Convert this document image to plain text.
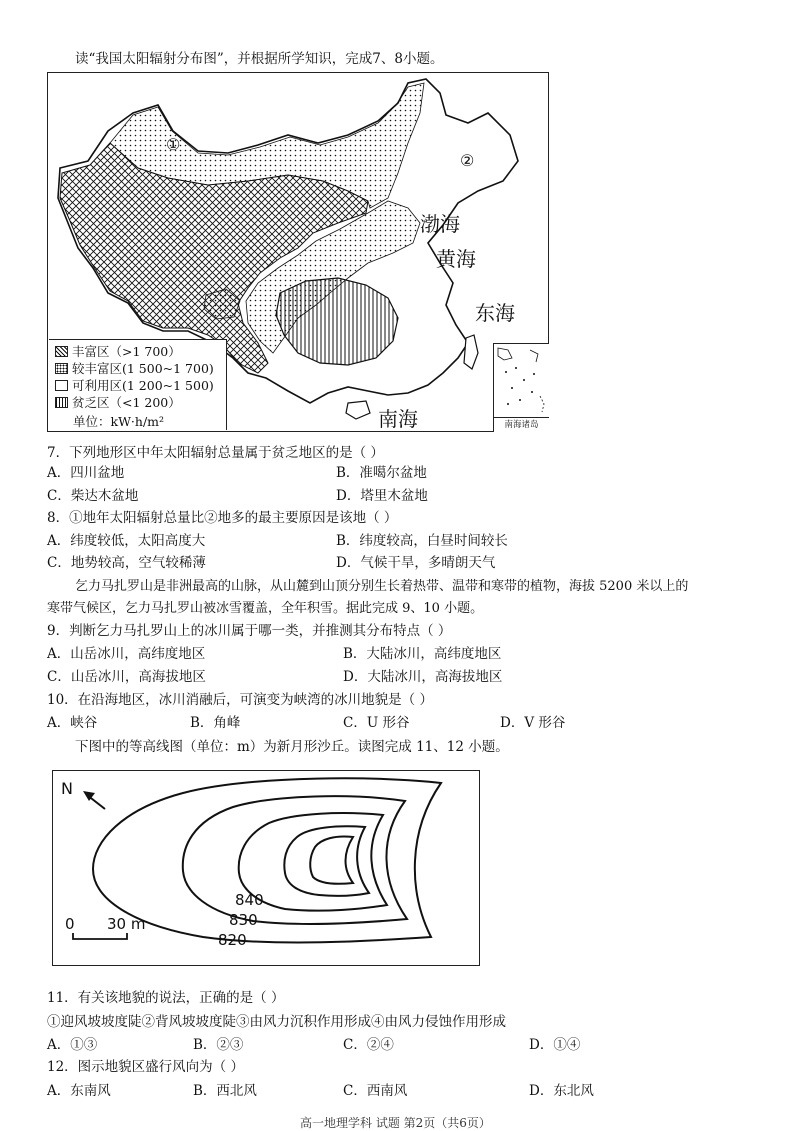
读“我国太阳辐射分布图”，并根据所学知识，完成7、8小题。
①
②
渤海
黄海
东海
南海
丰富区（>1 700）
较丰富区(1 500~1 700)
可利用区(1 200~1 500)
贫乏区（<1 200）
单位：kW·h/m²	南海诸岛
7．下列地形区中年太阳辐射总量属于贫乏地区的是（ ）
A．四川盆地	B．准噶尔盆地
C．柴达木盆地	D．塔里木盆地
8．①地年太阳辐射总量比②地多的最主要原因是该地（ ）
A．纬度较低，太阳高度大	B．纬度较高，白昼时间较长
C．地势较高，空气较稀薄	D．气候干旱，多晴朗天气
乞力马扎罗山是非洲最高的山脉，从山麓到山顶分别生长着热带、温带和寒带的植物，海拔 5200 米以上的
寒带气候区，乞力马扎罗山被冰雪覆盖，全年积雪。据此完成 9、10 小题。
9．判断乞力马扎罗山上的冰川属于哪一类，并推测其分布特点（ ）
A．山岳冰川，高纬度地区	B．大陆冰川，高纬度地区
C．山岳冰川，高海拔地区	D．大陆冰川，高海拔地区
10．在沿海地区，冰川消融后，可演变为峡湾的冰川地貌是（ ）
A．峡谷	B．角峰	C．U 形谷	D．V 形谷
下图中的等高线图（单位：m）为新月形沙丘。读图完成 11、12 小题。
N
840
830
820
0 30 m
11．有关该地貌的说法，正确的是（ ）
①迎风坡坡度陡②背风坡坡度陡③由风力沉积作用形成④由风力侵蚀作用形成
A．①③	B．②③	C．②④	D．①④
12．图示地貌区盛行风向为（ ）
A．东南风	B．西北风	C．西南风	D．东北风
高一地理学科 试题 第2页（共6页）
